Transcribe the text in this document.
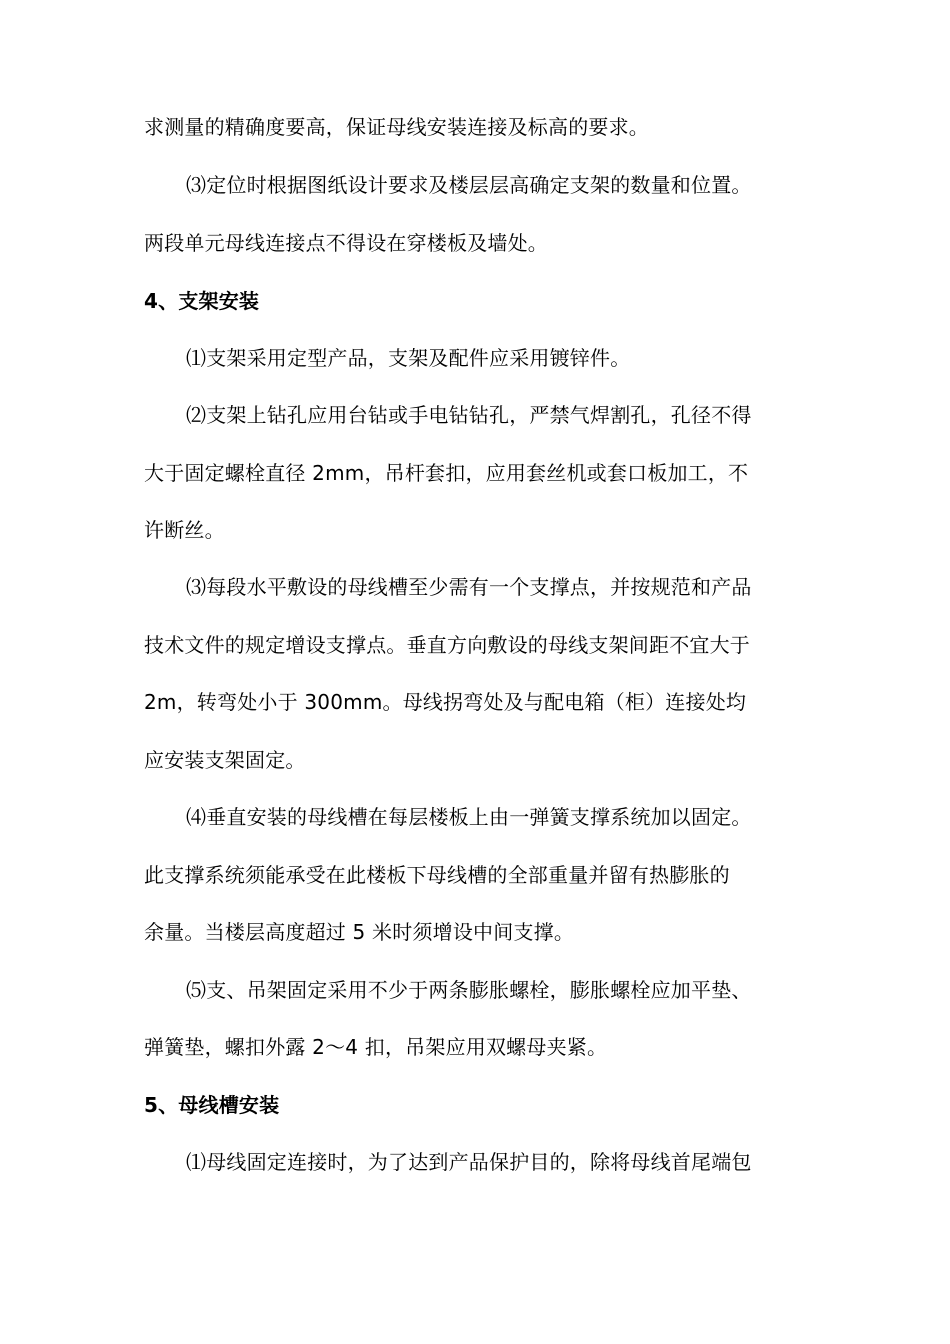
求测量的精确度要高，保证母线安装连接及标高的要求。
⑶定位时根据图纸设计要求及楼层层高确定支架的数量和位置。
两段单元母线连接点不得设在穿楼板及墙处。
4、支架安装
⑴支架采用定型产品，支架及配件应采用镀锌件。
⑵支架上钻孔应用台钻或手电钻钻孔，严禁气焊割孔，孔径不得
大于固定螺栓直径 2mm，吊杆套扣，应用套丝机或套口板加工，不
许断丝。
⑶每段水平敷设的母线槽至少需有一个支撑点，并按规范和产品
技术文件的规定增设支撑点。垂直方向敷设的母线支架间距不宜大于
2m，转弯处小于 300mm。母线拐弯处及与配电箱（柜）连接处均
应安装支架固定。
⑷垂直安装的母线槽在每层楼板上由一弹簧支撑系统加以固定。
此支撑系统须能承受在此楼板下母线槽的全部重量并留有热膨胀的
余量。当楼层高度超过 5 米时须增设中间支撑。
⑸支、吊架固定采用不少于两条膨胀螺栓，膨胀螺栓应加平垫、
弹簧垫，螺扣外露 2～4 扣，吊架应用双螺母夹紧。
5、母线槽安装
⑴母线固定连接时，为了达到产品保护目的，除将母线首尾端包
